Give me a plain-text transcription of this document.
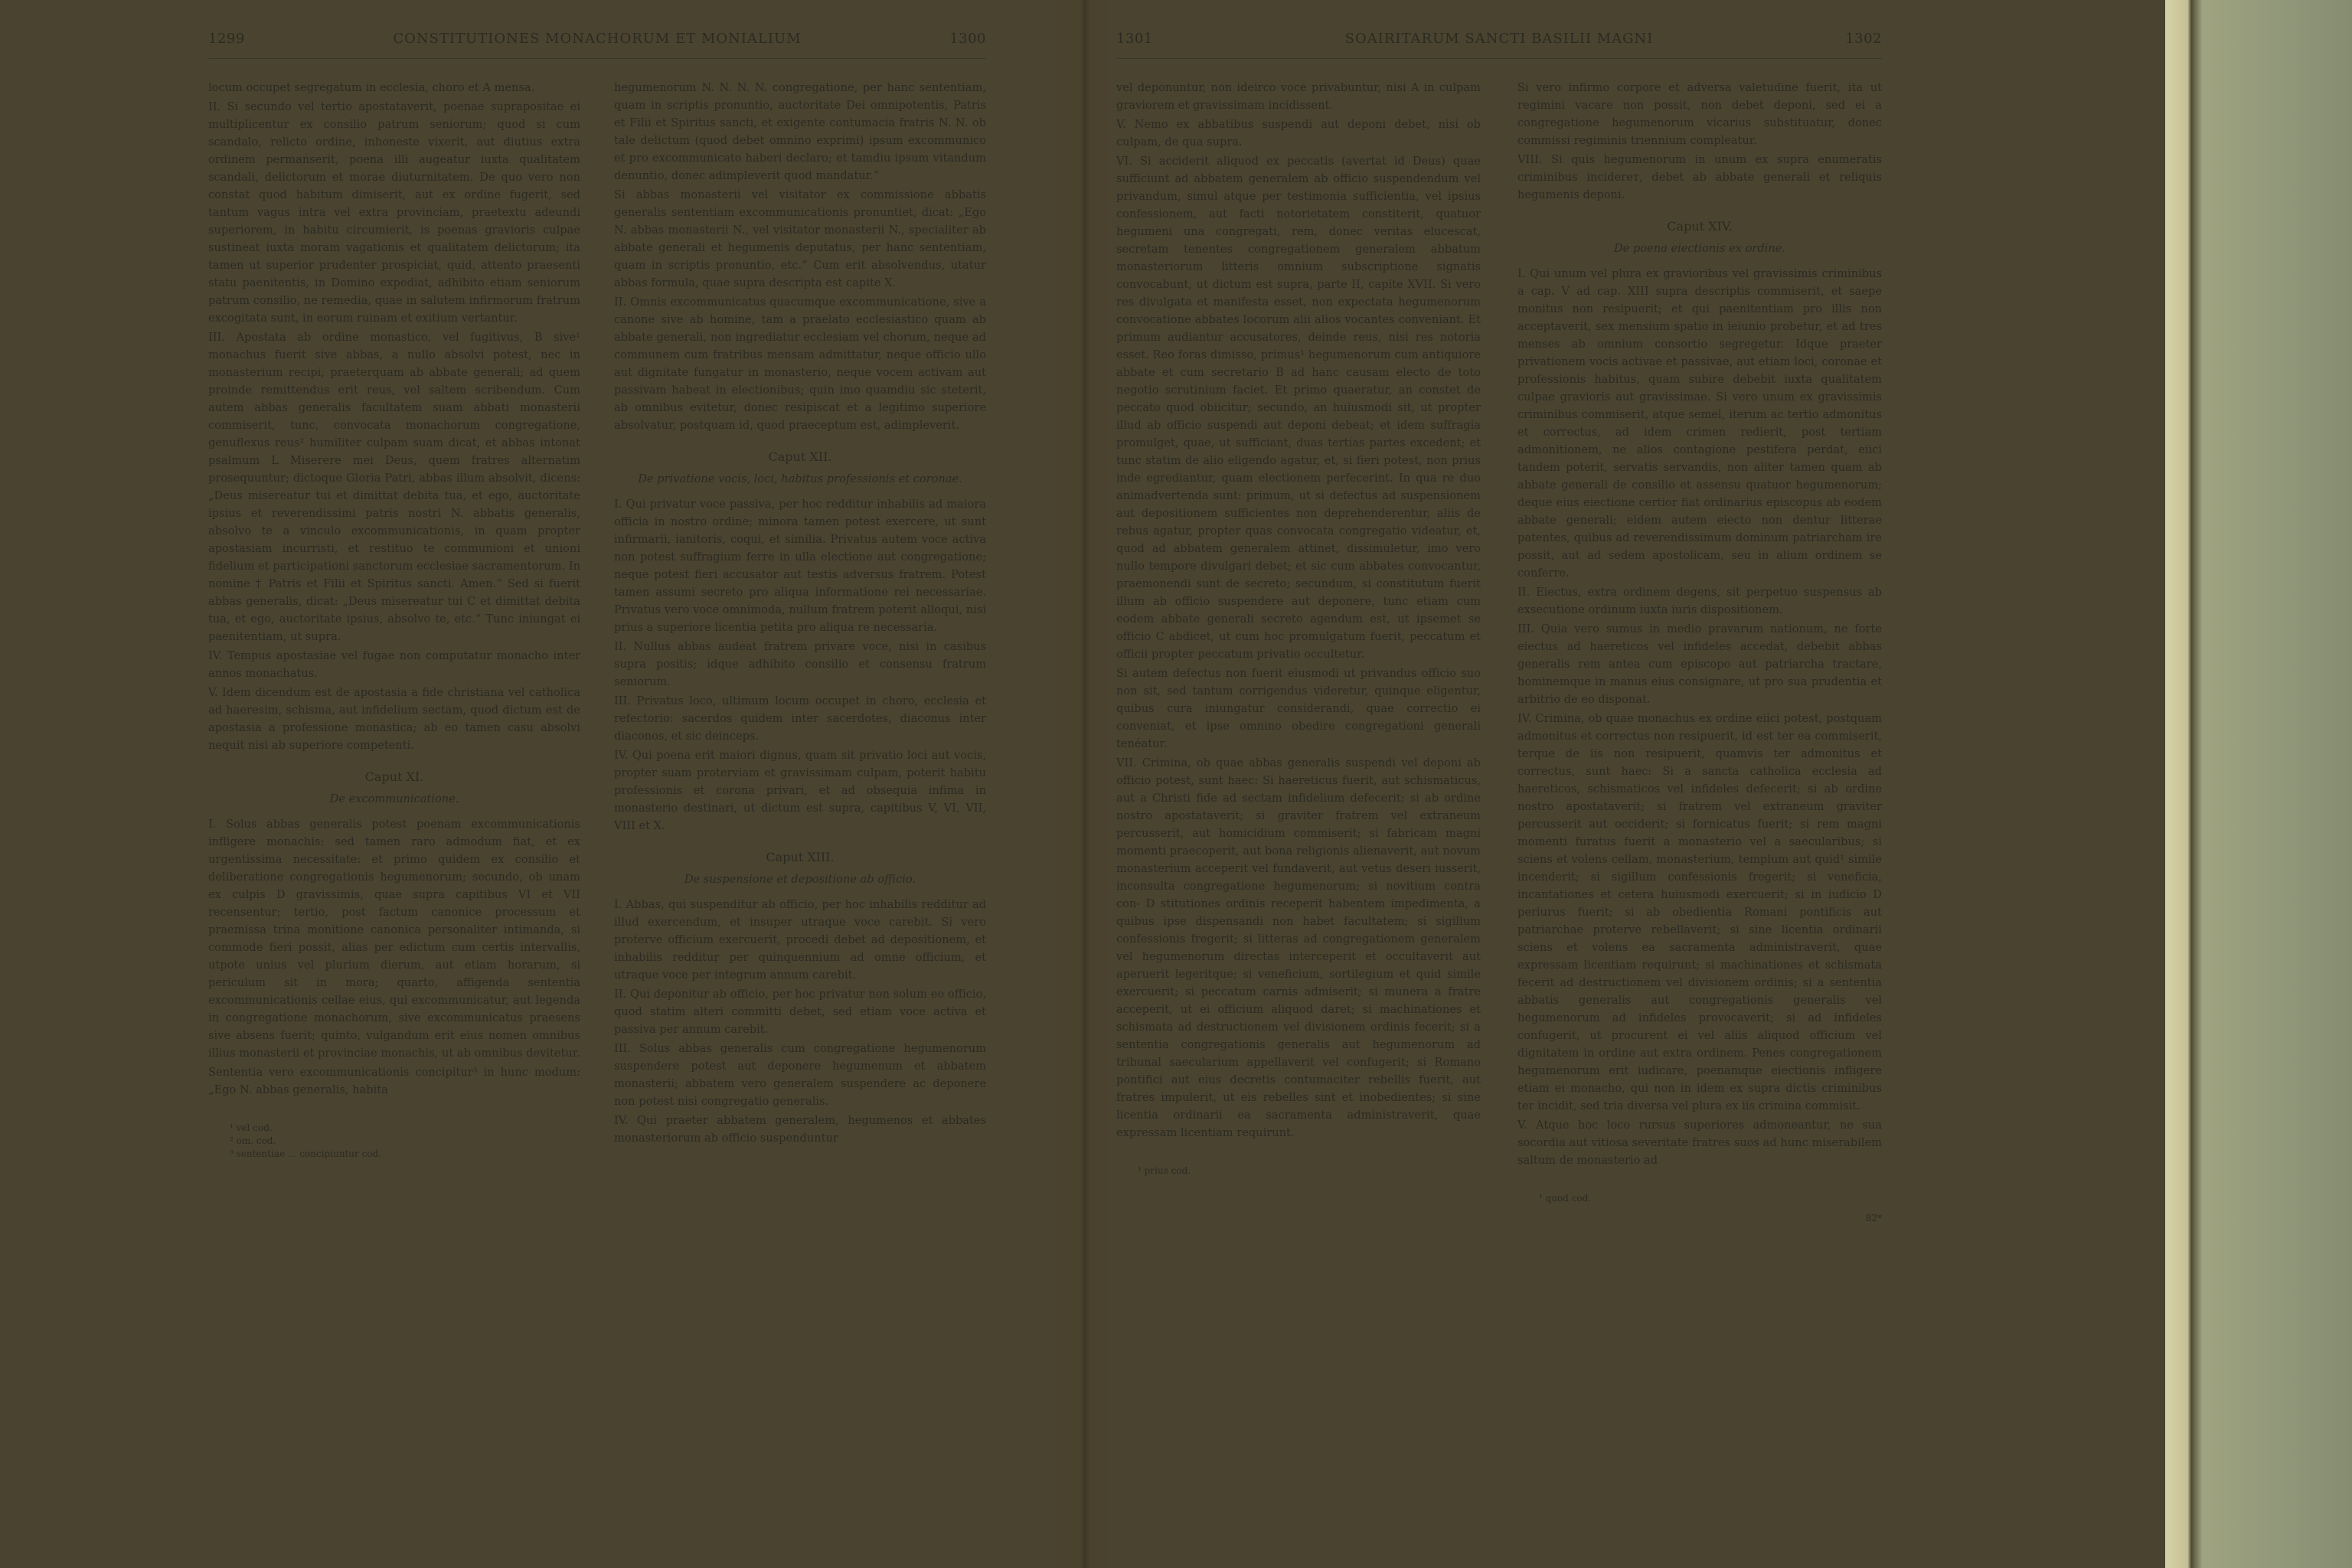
1299	CONSTITUTIONES MONACHORUM ET MONIALIUM	1300

locum occupet segregatum in ecclesia, choro et A mensa.

II. Si secundo vel tertio apostataverit, poenae suprapositae ei multiplicentur ex consilio patrum seniorum; quod si cum scandalo, relicto ordine, inhoneste vixerit, aut diutius extra ordinem permanserit, poena illi augeatur iuxta qualitatem scandali, delictorum et morae diuturnitatem. De quo vero non constat quod habitum dimiserit, aut ex ordine fugerit, sed tantum vagus intra vel extra provinciam, praetextu adeundi superiorem, in habitu circumierit, is poenas gravioris culpae sustineat iuxta moram vagationis et qualitatem delictorum; ita tamen ut superior prudenter prospiciat, quid, attento praesenti statu paenitentis, in Domino expediat, adhibito etiam seniorum patrum consilio, ne remedia, quae in salutem infirmorum fratrum excogitata sunt, in eorum ruinam et exitium vertantur.

III. Apostata ab ordine monastico, vel fugitivus, B sive¹ monachus fuerit sive abbas, a nullo absolvi potest, nec in monasterium recipi, praeterquam ab abbate generali; ad quem proinde remittendus erit reus, vel saltem scribendum. Cum autem abbas generalis facultatem suam abbati monasterii commiserit, tunc, convocata monachorum congregatione, genuflexus reus² humiliter culpam suam dicat, et abbas intonat psalmum L Miserere mei Deus, quem fratres alternatim prosequuntur; dictoque Gloria Patri, abbas illum absolvit, dicens: „Deus misereatur tui et dimittat debita tua, et ego, auctoritate ipsius et reverendissimi patris nostri N. abbatis generalis, absolvo te a vinculo excommunicationis, in quam propter apostasiam incurristi, et restituo te communioni et unioni fidelium et participationi sanctorum ecclesiae sacramentorum. In nomine † Patris et Filii et Spiritus sancti. Amen.“ Sed si fuerit abbas generalis, dicat: „Deus misereatur tui C et dimittat debita tua, et ego, auctoritate ipsius, absolvo te, etc.“ Tunc iniungat ei paenitentiam, ut supra.

IV. Tempus apostasiae vel fugae non computatur monacho inter annos monachatus.

V. Idem dicendum est de apostasia a fide christiana vel catholica ad haeresim, schisma, aut infidelium sectam, quod dictum est de apostasia a professione monastica; ab eo tamen casu absolvi nequit nisi ab superiore competenti.

Caput XI.
De excommunicatione.

I. Solus abbas generalis potest poenam excommunicationis infligere monachis: sed tamen raro admodum fiat, et ex urgentissima necessitate: et primo quidem ex consilio et deliberatione congregationis hegumenorum; secundo, ob unam ex culpis D gravissimis, quae supra capitibus VI et VII recensentur; tertio, post factum canonice processum et praemissa trina monitione canonica personaliter intimanda, si commode fieri possit, alias per edictum cum certis intervallis, utpote unius vel plurium dierum, aut etiam horarum, si periculum sit in mora; quarto, affigenda sententia excommunicationis cellae eius, qui excommunicatur, aut legenda in congregatione monachorum, sive excommunicatus praesens sive absens fuerit; quinto, vulgandum erit eius nomen omnibus illius monasterii et provinciae monachis, ut ab omnibus devitetur.

Sententia vero excommunicationis concipitur³ in hunc modum: „Ego N. abbas generalis, habita

¹ vel cod.
² om. cod.
³ sententiae ... concipiuntur cod.

hegumenorum N. N. N. N. congregatione, per hanc sententiam, quam in scriptis pronuntio, auctoritate Dei omnipotentis, Patris et Filii et Spiritus sancti, et exigente contumacia fratris N. N. ob tale delictum (quod debet omnino exprimi) ipsum excommunico et pro excommunicato haberi declaro; et tamdiu ipsum vitandum denuntio, donec adimpleverit quod mandatur.“

Si abbas monasterii vel visitator ex commissione abbatis generalis sententiam excommunicationis pronuntiet, dicat: „Ego N. abbas monasterii N., vel visitator monasterii N., specialiter ab abbate generali et hegumenis deputatus, per hanc sententiam, quam in scriptis pronuntio, etc.“ Cum erit absolvendus, utatur abbas formula, quae supra descripta est capite X.

II. Omnis excommunicatus quacumque excommunicatione, sive a canone sive ab homine, tam a praelato ecclesiastico quam ab abbate generali, non ingrediatur ecclesiam vel chorum, neque ad communem cum fratribus mensam admittatur, neque officio ullo aut dignitate fungatur in monasterio, neque vocem activam aut passivam habeat in electionibus; quin imo quamdiu sic steterit, ab omnibus evitetur, donec resipiscat et a legitimo superiore absolvatur, postquam id, quod praeceptum est, adimpleverit.

Caput XII.
De privatione vocis, loci, habitus professionis et coronae.

I. Qui privatur voce passiva, per hoc redditur inhabilis ad maiora officia in nostro ordine; minora tamen potest exercere, ut sunt infirmarii, ianitoris, coqui, et similia. Privatus autem voce activa non potest suffragium ferre in ulla electione aut congregatione; neque potest fieri accusator aut testis adversus fratrem. Potest tamen assumi secreto pro aliqua informatione rei necessariae. Privatus vero voce omnimoda, nullum fratrem poterit alloqui, nisi prius a superiore licentia petita pro aliqua re necessaria.

II. Nullus abbas audeat fratrem privare voce, nisi in casibus supra positis; idque adhibito consilio et consensu fratrum seniorum.

III. Privatus loco, ultimum locum occupet in choro, ecclesia et refectorio: sacerdos quidem inter sacerdotes, diaconus inter diaconos, et sic deinceps.

IV. Qui poena erit maiori dignus, quam sit privatio loci aut vocis, propter suam proterviam et gravissimam culpam, poterit habitu professionis et corona privari, et ad obsequia infima in monasterio destinari, ut dictum est supra, capitibus V, VI, VII, VIII et X.

Caput XIII.
De suspensione et depositione ab officio.

I. Abbas, qui suspenditur ab officio, per hoc inhabilis redditur ad illud exercendum, et insuper utraque voce carebit. Si vero proterve officium exercuerit, procedi debet ad depositionem, et inhabilis reddituṛ per quinquennium ad omne officium, et utraque voce per integrum annum carebit.

II. Qui deponitur ab officio, per hoc privatur non solum eo officio, quod statim alteri committi debet, sed etiam voce activa et passiva per annum carebit.

III. Solus abbas generalis cum congregatione hegumenorum suspendere potest aut deponere hegumenum et abbatem monasterii; abbatem vero generalem suspendere ac deponere non potest nisi congregatio generalis.

IV. Qui praeter abbatem generalem, hegumenos et abbates monasteriorum ab officio suspenduntur

1301	SOAIRITARUM SANCTI BASILII MAGNI	1302

vel deponuntur, non ideirco voce privabuntur, nisi A in culpam graviorem et gravissimam incidissent.

V. Nemo ex abbatibus suspendi aut deponi debet, nisi ob culpam, de qua supra.

VI. Si acciderit aliquod ex peccatis (avertat id Deus) quae sufficiunt ad abbatem generalem ab officio suspendendum vel privandum, simul atque per testimonia sufficientia, vel ipsius confessionem, aut facti notorietatem constiterit, quatuor hegumeni una congregati, rem, donec veritas elucescat, secretam tenentes congregationem generalem abbatum monasteriorum litteris omnium subscriptione signatis convocabunt, ut dictum est supra, parte II, capite XVII. Si vero res divulgata et manifesta esset, non expectata hegumenorum convocatione abbates locorum alii alios vocantes conveniant. Et primum audiantur accusatores, deinde reus, nisi res notoria esset. Reo foras dimisso, primus¹ hegumenorum cum antiquiore abbate et cum secretario B ad hanc causam electo de toto negotio scrutinium faciet. Et primo quaeratur, an constet de peccato quod obiicitur; secundo, an huiusmodi sit, ut propter illud ab officio suspendi aut deponi debeat; et idem suffragia promulget, quae, ut sufficiant, duas tertias partes excedent; et tunc statim de alio eligendo agatur, et, si fieri potest, non prius inde egrediantur, quam electionem perfecerint. In qua re duo animadvertenda sunt: primum, ut si defectus ad suspensionem aut depositionem sufficientes non deprehenderentur, aliis de rebus agatur, propter quas convocata congregatio videatur, et, quod ad abbatem generalem attinet, dissimuletur, imo vero nullo tempore divulgari debet; et sic cum abbates convocantur, praemonendi sunt de secreto; secundum, si constitutum fuerit illum ab officio suspendere aut deponere, tunc etiam cum eodem abbate generali secreto agendum est, ut ipsemet se officio C abdicet, ut cum hoc promulgatum fuerit, peccatum et officii propter peccatum privatio occultetur.

Si autem defectus non fuerit eiusmodi ut privandus officio suo non sit, sed tantum corrigendus videretur, quinque eligentur, quibus cura iniungatur considerandi, quae correctio ei conveniat, et ipse omnino obedire congregationi generali tenéatur.

VII. Crimina, ob quae abbas generalis suspendi vel deponi ab officio potest, sunt haec: Si haereticus fuerit, aut schismaticus, aut a Christi fide ad sectam infidelium defecerit; si ab ordine nostro apostataverit; si graviter fratrem vel extraneum percusserit, aut homicidium commiserit; si fabricam magni momenti praecoperit, aut bona religionis alienaverit, aut novum monasterium acceperit vel fundaverit, aut vetus deseri iusserit, inconsulta congregatione hegumenorum; si novitium contra con- D stitutiones ordinis receperit habentem impedimenta, a quibus ipse dispensandi non habet facultatem; si sigillum confessionis fregerit; si litteras ad congregationem generalem vel hegumenorum directas interceperit et occultaverit aut aperuerit legeritque; si veneficium, sortilegium et quid simile exercuerit; si peccatum carnis admiserit; si munera a fratre acceperit, ut ei officium aliquod daret; si machinationes et schismata ad destructionem vel divisionem ordinis fecerit; si a sententia congregationis generalis aut hegumenorum ad tribunal saecularium appellaverit vel confugerit; si Romano pontifici aut eius decretis contumaciter rebellis fuerit, aut fratres impulerit, ut eis rebelles sint et inobedientes; si sine licentia ordinarii ea sacramenta administraverit, quae expressam licentiam requirunt.

¹ prius cod.

Si vero infirmo corpore et adversa valetudine fuerit, ita ut regimini vacare non possit, non debet deponi, sed ei a congregatione hegumenorum vicarius substituatur, donec commissi regiminis triennium compleatur.

VIII. Si quis hegumenorum in unum ex supra enumeratis criminibus inciderет, debet ab abbate generali et reliquis hegumenis deponi.

Caput XIV.
De poena eiectionis ex ordine.

I. Qui unum vel plura ex gravioribus vel gravissimis criminibus a cap. V ad cap. XIII supra descriptis commiserit, et saepe monitus non resipuerit; et qui paenitentiam pro illis non acceptaverit, sex mensium spatio in ieiunio probetur, et ad tres menses ab omnium consortio segregetur. Idque praeter privationem vocis activae et passivae, aut etiam loci, coronae et professionis habitus, quam subire debebit iuxta qualitatem culpae gravioris aut gravissimae. Si vero unum ex gravissimis criminibus commiserit, atque semel, iterum ac tertio admonitus et correctus, ad idem crimen redierit, post tertiam admonitionem, ne alios contagione pestifera perdat, eiici tandem poterit, servatis servandis, non aliter tamen quam ab abbate generali de consilio et assensu quatuor hegumenorum; deque eius eiectione certior fiat ordinarius episcopus ab eodem abbate generali; eidem autem eiecto non dentur litterae patentes, quibus ad reverendissimum dominum patriarcham ire possit, aut ad sedem apostolicam, seu in alium ordinem se conferre.

II. Eiectus, extra ordinem degens, sit perpetuo suspensus ab exsecutione ordinum iuxta iuris dispositionem.

III. Quia vero sumus in medio pravarum nationum, ne forte eiectus ad haereticos vel infideles accedat, debebit abbas generalis rem antea cum episcopo aut patriarcha tractare, hominemque in manus eius consignare, ut pro sua prudentia et arbitrio de eo disponat.

IV. Crimina, ob quae monachus ex ordine eiici potest, postquam admonitus et correctus non resipuerit, id est ter ea commiserit, terque de iis non resipuerit, quamvis ter admonitus et correctus, sunt haec: Si a sancta catholica ecclesia ad haereticos, schismaticos vel infideles defecerit; si ab ordine nostro apostataverit; si fratrem vel extraneum graviter percusserit aut occiderit; si fornicatus fuerit; si rem magni momenti furatus fuerit a monasterio vel a saecularibus; si sciens et volens cellam, monasterium, templum aut quid¹ simile incenderit; si sigillum confessionis fregerit; si veneficia, incantationes et cetera huiusmodi exercuerit; si in iudicio D periurus fuerit; si ab obedientia Romani pontificis aut patriarchae proterve rebellaverit; si sine licentia ordinarii sciens et volens ea sacramenta administraverit, quae expressam licentiam requirunt; si machinationes et schismata fecerit ad destructionem vel divisionem ordinis; si a sententia abbatis generalis aut congregationis generalis vel hegumenorum ad infideles provocaverit; si ad infideles confugerit, ut procurent ei vel aliis aliquod officium vel dignitatem in ordine aut extra ordinem. Penes congregationem hegumenorum erit iudicare, poenamque eiectionis infligere etiam ei monacho, qui non in idem ex supra dictis criminibus ter incidit, sed tria diversa vel plura ex iis crimina commisit.

V. Atque hoc loco rursus superiores admoneantur, ne sua socordia aut vitiosa severitate fratres suos ad hunc miserabilem saltum de monasterio ad

¹ quod cod.
82*
